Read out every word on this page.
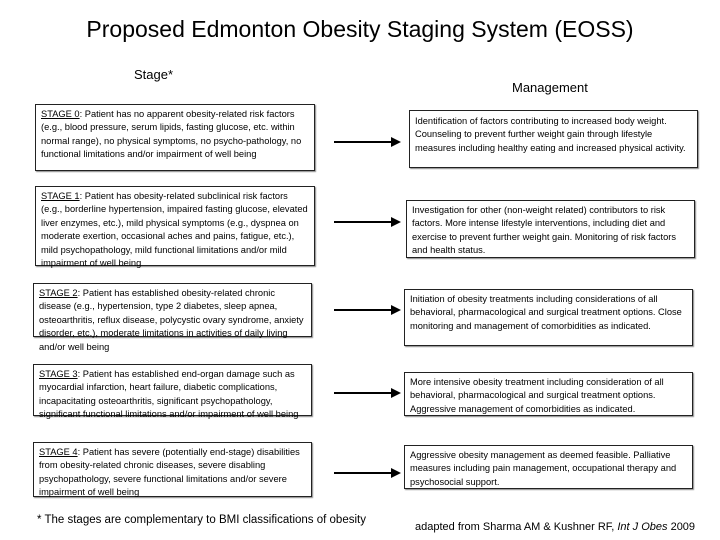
Proposed Edmonton Obesity Staging System (EOSS)
Stage*
Management
STAGE 0: Patient has no apparent obesity-related risk factors (e.g., blood pressure, serum lipids, fasting glucose, etc. within normal range), no physical symptoms, no psycho-pathology, no functional limitations and/or impairment of well being
STAGE 1: Patient has obesity-related subclinical risk factors (e.g., borderline hypertension, impaired fasting glucose, elevated liver enzymes, etc.), mild physical symptoms (e.g., dyspnea on moderate exertion, occasional aches and pains, fatigue, etc.), mild psychopathology, mild functional limitations and/or mild impairment of well being
STAGE 2: Patient has established obesity-related chronic disease (e.g., hypertension, type 2 diabetes, sleep apnea, osteoarthritis, reflux disease, polycystic ovary syndrome, anxiety disorder, etc.), moderate limitations in activities of daily living and/or well being
STAGE 3: Patient has established end-organ damage such as myocardial infarction, heart failure, diabetic complications, incapacitating osteoarthritis, significant psychopathology, significant functional limitations and/or impairment of well being
STAGE 4: Patient has severe (potentially end-stage) disabilities from obesity-related chronic diseases, severe disabling psychopathology, severe functional limitations and/or severe impairment of well being
Identification of factors contributing to increased body weight. Counseling to prevent further weight gain through lifestyle measures including healthy eating and increased physical activity.
Investigation for other (non-weight related) contributors to risk factors. More intense lifestyle interventions, including diet and exercise to prevent further weight gain. Monitoring of risk factors and health status.
Initiation of obesity treatments including considerations of all behavioral, pharmacological and surgical treatment options. Close monitoring and management of comorbidities as indicated.
More intensive obesity treatment including consideration of all behavioral, pharmacological and surgical treatment options. Aggressive management of comorbidities as indicated.
Aggressive obesity management as deemed feasible. Palliative measures including pain management, occupational therapy and psychosocial support.
* The stages are complementary to BMI classifications of obesity
adapted from Sharma AM & Kushner RF, Int J Obes 2009
